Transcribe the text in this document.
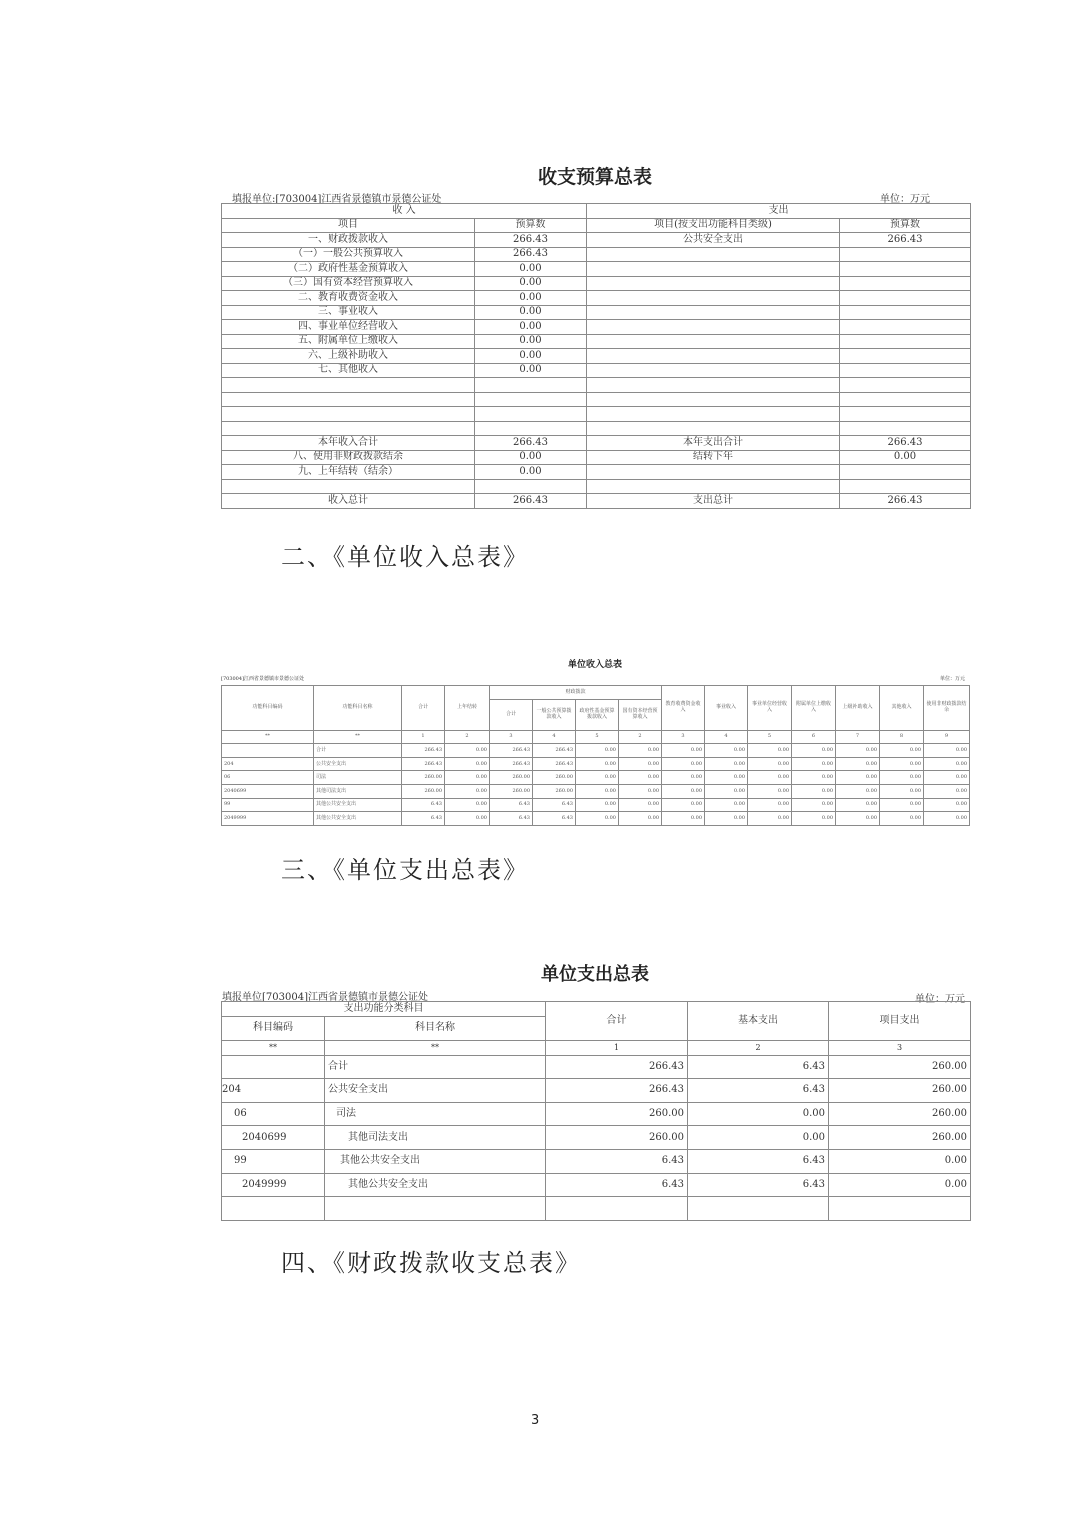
收支预算总表
填报单位:[703004]江西省景德镇市景德公证处	单位：万元
收 入		支出	
项目	预算数	项目(按支出功能科目类级)	预算数
一、财政拨款收入	266.43	公共安全支出	266.43
（一）一般公共预算收入	266.43		
（二）政府性基金预算收入	0.00		
（三）国有资本经营预算收入	0.00		
二、教育收费资金收入	0.00		
三、事业收入	0.00		
四、事业单位经营收入	0.00		
五、附属单位上缴收入	0.00		
六、上级补助收入	0.00		
七、其他收入	0.00		

本年收入合计	266.43	本年支出合计	266.43
八、使用非财政拨款结余	0.00	结转下年	0.00
九、上年结转（结余）	0.00		

收入总计	266.43	支出总计	266.43
二、《单位收入总表》
单位收入总表
[703004]江西省景德镇市景德公证处	单位：万元
功能科目编码	功能科目名称	合计	上年结转	财政拨款				教育收费资金收入	事业收入	事业单位经营收入	附属单位上缴收入	上级补助收入	其他收入	使用非财政拨款结余
				合计	一般公共预算拨款收入	政府性基金预算拨款收入	国有资本经营预算收入							
**	**	1	2	3	4	5	2	3	4	5	6	7	8	9
	合计	266.43	0.00	266.43	266.43	0.00	0.00	0.00	0.00	0.00	0.00	0.00	0.00	0.00
204	公共安全支出	266.43	0.00	266.43	266.43	0.00	0.00	0.00	0.00	0.00	0.00	0.00	0.00	0.00
06	司法	260.00	0.00	260.00	260.00	0.00	0.00	0.00	0.00	0.00	0.00	0.00	0.00	0.00
2040699	其他司法支出	260.00	0.00	260.00	260.00	0.00	0.00	0.00	0.00	0.00	0.00	0.00	0.00	0.00
99	其他公共安全支出	6.43	0.00	6.43	6.43	0.00	0.00	0.00	0.00	0.00	0.00	0.00	0.00	0.00
2049999	其他公共安全支出	6.43	0.00	6.43	6.43	0.00	0.00	0.00	0.00	0.00	0.00	0.00	0.00	0.00
三、《单位支出总表》
单位支出总表
填报单位[703004]江西省景德镇市景德公证处	单位：万元
支出功能分类科目		合计	基本支出	项目支出
科目编码	科目名称			
**	**	1	2	3
	合计	266.43	6.43	260.00
204	公共安全支出	266.43	6.43	260.00
06	司法	260.00	0.00	260.00
2040699	其他司法支出	260.00	0.00	260.00
99	其他公共安全支出	6.43	6.43	0.00
2049999	其他公共安全支出	6.43	6.43	0.00

四、《财政拨款收支总表》
3
